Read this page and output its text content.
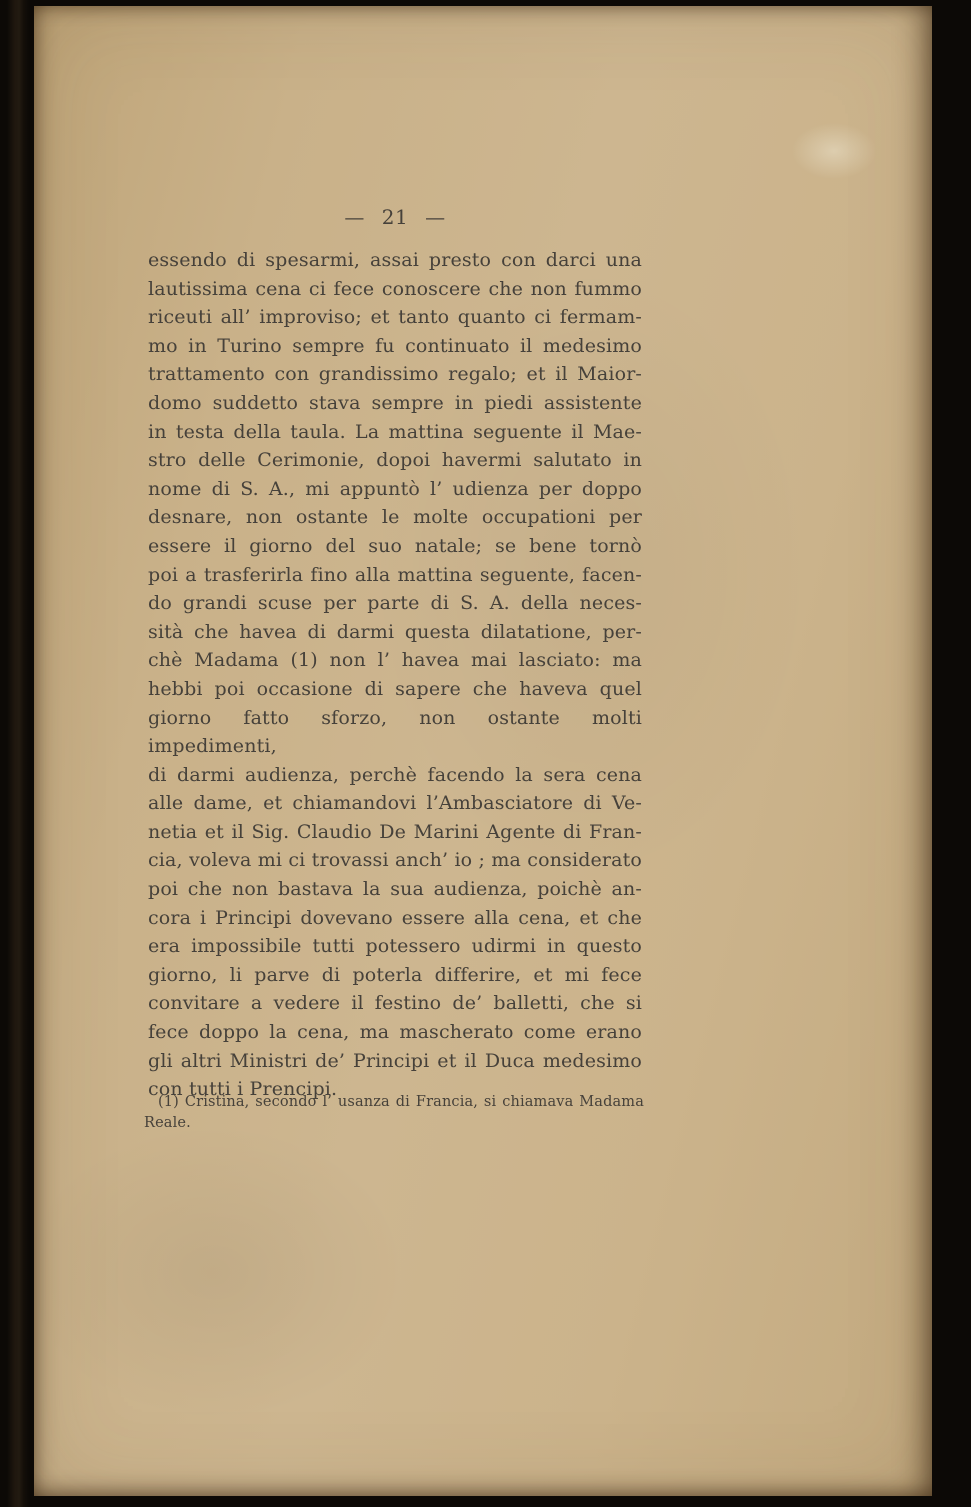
— 21 —
essendo di spesarmi, assai presto con darci una
lautissima cena ci fece conoscere che non fummo
riceuti all’ improviso; et tanto quanto ci fermam-
mo in Turino sempre fu continuato il medesimo
trattamento con grandissimo regalo; et il Maior-
domo suddetto stava sempre in piedi assistente
in testa della taula. La mattina seguente il Mae-
stro delle Cerimonie, dopoi havermi salutato in
nome di S. A., mi appuntò l’ udienza per doppo
desnare, non ostante le molte occupationi per
essere il giorno del suo natale; se bene tornò
poi a trasferirla fino alla mattina seguente, facen-
do grandi scuse per parte di S. A. della neces-
sità che havea di darmi questa dilatatione, per-
chè Madama (1) non l’ havea mai lasciato: ma
hebbi poi occasione di sapere che haveva quel
giorno fatto sforzo, non ostante molti impedimenti,
di darmi audienza, perchè facendo la sera cena
alle dame, et chiamandovi l’Ambasciatore di Ve-
netia et il Sig. Claudio De Marini Agente di Fran-
cia, voleva mi ci trovassi anch’ io ; ma considerato
poi che non bastava la sua audienza, poichè an-
cora i Principi dovevano essere alla cena, et che
era impossibile tutti potessero udirmi in questo
giorno, li parve di poterla differire, et mi fece
convitare a vedere il festino de’ balletti, che si
fece doppo la cena, ma mascherato come erano
gli altri Ministri de’ Principi et il Duca medesimo
con tutti i Prencipi.
(1) Cristina, secondo l’ usanza di Francia, si chiamava Madama
Reale.
